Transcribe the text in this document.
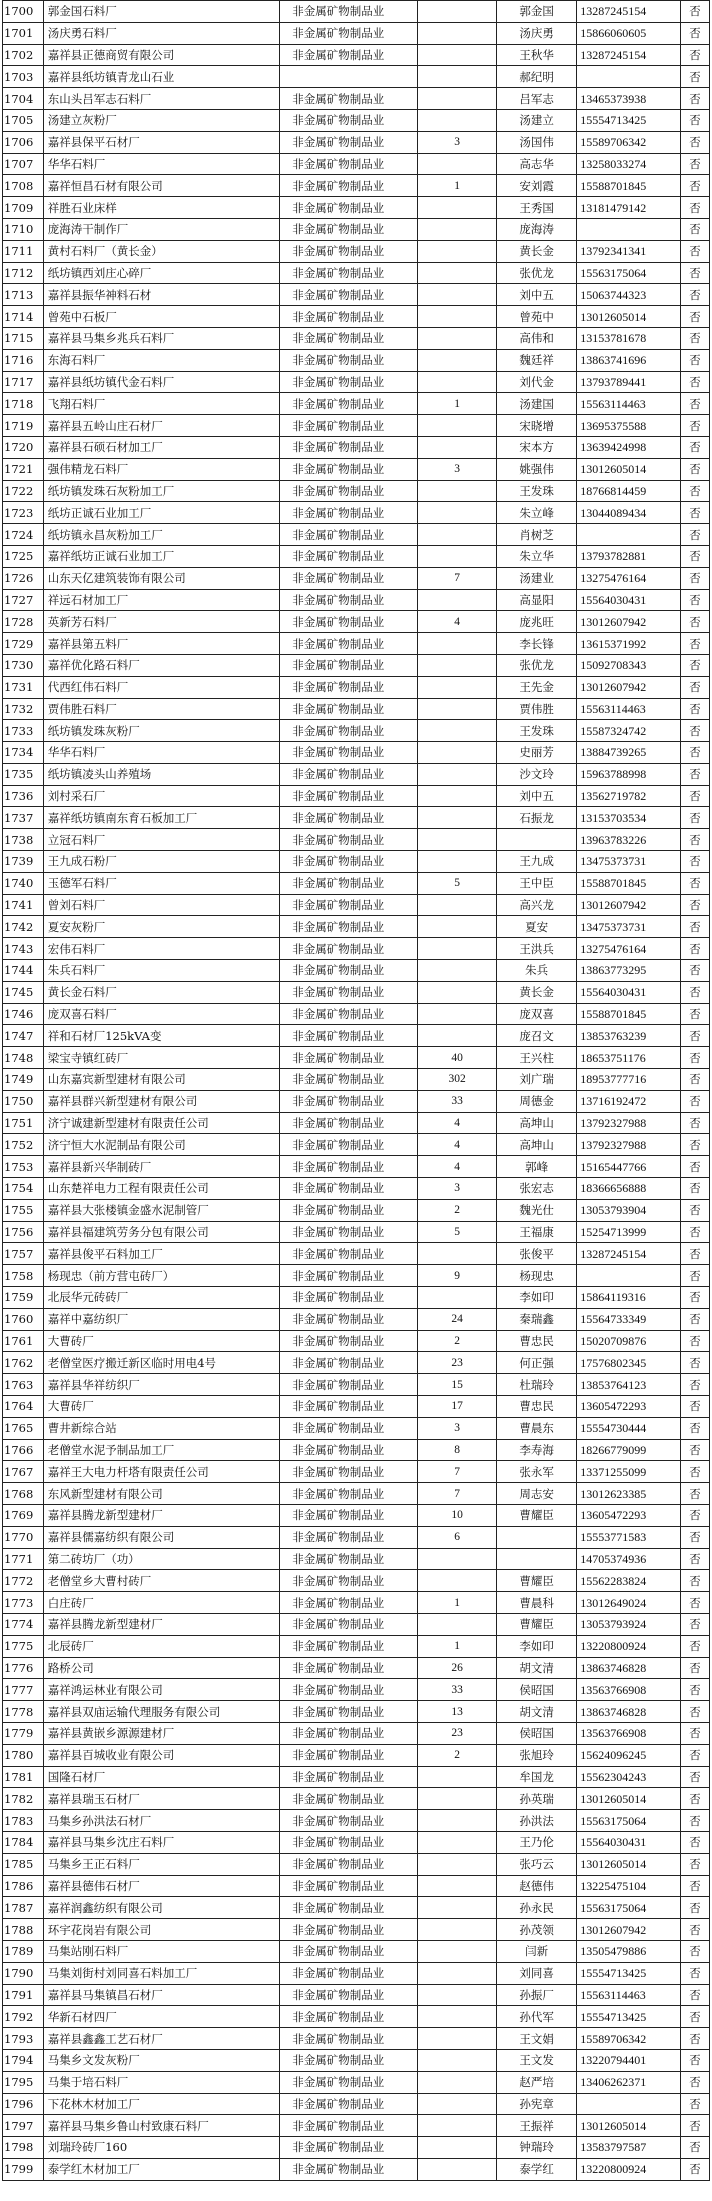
1700	郭金国石料厂	非金属矿物制品业		郭金国	13287245154	否
1701	汤庆勇石料厂	非金属矿物制品业		汤庆勇	15866060605	否
1702	嘉祥县正德商贸有限公司	非金属矿物制品业		王秋华	13287245154	否
1703	嘉祥县纸坊镇青龙山石业			郝纪明		否
1704	东山头吕军志石料厂	非金属矿物制品业		吕军志	13465373938	否
1705	汤建立灰粉厂	非金属矿物制品业		汤建立	15554713425	否
1706	嘉祥县保平石材厂	非金属矿物制品业	3	汤国伟	15589706342	否
1707	华华石料厂	非金属矿物制品业		高志华	13258033274	否
1708	嘉祥恒昌石材有限公司	非金属矿物制品业	1	安刘霞	15588701845	否
1709	祥胜石业床样	非金属矿物制品业		王秀国	13181479142	否
1710	庞海涛干制作厂	非金属矿物制品业		庞海涛		否
1711	黄村石料厂（黄长金）	非金属矿物制品业		黄长金	13792341341	否
1712	纸坊镇西刘庄心碎厂	非金属矿物制品业		张优龙	15563175064	否
1713	嘉祥县振华神料石材	非金属矿物制品业		刘中五	15063744323	否
1714	曾苑中石板厂	非金属矿物制品业		曾苑中	13012605014	否
1715	嘉祥县马集乡兆兵石料厂	非金属矿物制品业		高伟和	13153781678	否
1716	东海石料厂	非金属矿物制品业		魏廷祥	13863741696	否
1717	嘉祥县纸坊镇代金石料厂	非金属矿物制品业		刘代金	13793789441	否
1718	飞翔石料厂	非金属矿物制品业	1	汤建国	15563114463	否
1719	嘉祥县五岭山庄石材厂	非金属矿物制品业		宋晓增	13695375588	否
1720	嘉祥县石硕石材加工厂	非金属矿物制品业		宋本方	13639424998	否
1721	强伟精龙石料厂	非金属矿物制品业	3	姚强伟	13012605014	否
1722	纸坊镇发珠石灰粉加工厂	非金属矿物制品业		王发珠	18766814459	否
1723	纸坊正诚石业加工厂	非金属矿物制品业		朱立峰	13044089434	否
1724	纸坊镇永昌灰粉加工厂	非金属矿物制品业		肖树芝		否
1725	嘉祥纸坊正诚石业加工厂	非金属矿物制品业		朱立华	13793782881	否
1726	山东天亿建筑装饰有限公司	非金属矿物制品业	7	汤建业	13275476164	否
1727	祥远石材加工厂	非金属矿物制品业		高显阳	15564030431	否
1728	英新芳石料厂	非金属矿物制品业	4	庞兆旺	13012607942	否
1729	嘉祥县第五料厂	非金属矿物制品业		李长锋	13615371992	否
1730	嘉祥优化路石料厂	非金属矿物制品业		张优龙	15092708343	否
1731	代西红伟石料厂	非金属矿物制品业		王先金	13012607942	否
1732	贾伟胜石料厂	非金属矿物制品业		贾伟胜	15563114463	否
1733	纸坊镇发珠灰粉厂	非金属矿物制品业		王发珠	15587324742	否
1734	华华石料厂	非金属矿物制品业		史丽芳	13884739265	否
1735	纸坊镇凌头山养殖场	非金属矿物制品业		沙文玲	15963788998	否
1736	刘村采石厂	非金属矿物制品业		刘中五	13562719782	否
1737	嘉祥纸坊镇南东育石板加工厂	非金属矿物制品业		石振龙	13153703534	否
1738	立冠石料厂	非金属矿物制品业			13963783226	否
1739	王九成石粉厂	非金属矿物制品业		王九成	13475373731	否
1740	玉德军石料厂	非金属矿物制品业	5	王中臣	15588701845	否
1741	曾刘石料厂	非金属矿物制品业		高兴龙	13012607942	否
1742	夏安灰粉厂	非金属矿物制品业		夏安	13475373731	否
1743	宏伟石料厂	非金属矿物制品业		王洪兵	13275476164	否
1744	朱兵石料厂	非金属矿物制品业		朱兵	13863773295	否
1745	黄长金石料厂	非金属矿物制品业		黄长金	15564030431	否
1746	庞双喜石料厂	非金属矿物制品业		庞双喜	15588701845	否
1747	祥和石材厂125kVA变	非金属矿物制品业		庞召文	13853763239	否
1748	梁宝寺镇红砖厂	非金属矿物制品业	40	王兴柱	18653751176	否
1749	山东嘉宾新型建材有限公司	非金属矿物制品业	302	刘广瑞	18953777716	否
1750	嘉祥县群兴新型建材有限公司	非金属矿物制品业	33	周德金	13716192472	否
1751	济宁诚建新型建材有限责任公司	非金属矿物制品业	4	高坤山	13792327988	否
1752	济宁恒大水泥制品有限公司	非金属矿物制品业	4	高坤山	13792327988	否
1753	嘉祥县新兴华制砖厂	非金属矿物制品业	4	郭峰	15165447766	否
1754	山东楚祥电力工程有限责任公司	非金属矿物制品业	3	张宏志	18366656888	否
1755	嘉祥县大张楼镇金盛水泥制管厂	非金属矿物制品业	2	魏光仕	13053793904	否
1756	嘉祥县福建筑劳务分包有限公司	非金属矿物制品业	5	王福康	15254713999	否
1757	嘉祥县俊平石料加工厂	非金属矿物制品业		张俊平	13287245154	否
1758	杨现忠（前方营屯砖厂）	非金属矿物制品业	9	杨现忠		否
1759	北辰华元砖砖厂	非金属矿物制品业		李如印	15864119316	否
1760	嘉祥中嘉纺织厂	非金属矿物制品业	24	秦瑞鑫	15564733349	否
1761	大曹砖厂	非金属矿物制品业	2	曹忠民	15020709876	否
1762	老僧堂医疗搬迁新区临时用电4号	非金属矿物制品业	23	何正强	17576802345	否
1763	嘉祥县华祥纺织厂	非金属矿物制品业	15	杜瑞玲	13853764123	否
1764	大曹砖厂	非金属矿物制品业	17	曹忠民	13605472293	否
1765	曹井新综合站	非金属矿物制品业	3	曹晨东	15554730444	否
1766	老僧堂水泥予制品加工厂	非金属矿物制品业	8	李寿海	18266779099	否
1767	嘉祥王大电力杆塔有限责任公司	非金属矿物制品业	7	张永军	13371255099	否
1768	东风新型建材有限公司	非金属矿物制品业	7	周志安	13012623385	否
1769	嘉祥县腾龙新型建材厂	非金属矿物制品业	10	曹耀臣	13605472293	否
1770	嘉祥县儒嘉纺织有限公司	非金属矿物制品业	6		15553771583	否
1771	第二砖坊厂（功）	非金属矿物制品业			14705374936	否
1772	老僧堂乡大曹村砖厂	非金属矿物制品业		曹耀臣	15562283824	否
1773	白庄砖厂	非金属矿物制品业	1	曹晨科	13012649024	否
1774	嘉祥县腾龙新型建材厂	非金属矿物制品业		曹耀臣	13053793924	否
1775	北辰砖厂	非金属矿物制品业	1	李如印	13220800924	否
1776	路桥公司	非金属矿物制品业	26	胡文清	13863746828	否
1777	嘉祥鸿运林业有限公司	非金属矿物制品业	33	侯昭国	13563766908	否
1778	嘉祥县双庙运输代理服务有限公司	非金属矿物制品业	13	胡文清	13863746828	否
1779	嘉祥县黄嵌乡源源建材厂	非金属矿物制品业	23	侯昭国	13563766908	否
1780	嘉祥县百城收业有限公司	非金属矿物制品业	2	张旭玲	15624096245	否
1781	国隆石材厂	非金属矿物制品业		牟国龙	15562304243	否
1782	嘉祥县瑞玉石材厂	非金属矿物制品业		孙英瑞	13012605014	否
1783	马集乡孙洪法石材厂	非金属矿物制品业		孙洪法	15563175064	否
1784	嘉祥县马集乡沈庄石料厂	非金属矿物制品业		王乃伦	15564030431	否
1785	马集乡王正石料厂	非金属矿物制品业		张巧云	13012605014	否
1786	嘉祥县德伟石材厂	非金属矿物制品业		赵德伟	13225475104	否
1787	嘉祥润鑫纺织有限公司	非金属矿物制品业		孙永民	15563175064	否
1788	环宇花岗岩有限公司	非金属矿物制品业		孙茂领	13012607942	否
1789	马集站刚石料厂	非金属矿物制品业		闫新	13505479886	否
1790	马集刘街村刘同喜石料加工厂	非金属矿物制品业		刘同喜	15554713425	否
1791	嘉祥县马集镇昌石材厂	非金属矿物制品业		孙振厂	15563114463	否
1792	华新石材四厂	非金属矿物制品业		孙代军	15554713425	否
1793	嘉祥县鑫鑫工艺石材厂	非金属矿物制品业		王文娟	15589706342	否
1794	马集乡文发灰粉厂	非金属矿物制品业		王文发	13220794401	否
1795	马集于培石料厂	非金属矿物制品业		赵严培	13406262371	否
1796	下花林木材加工厂	非金属矿物制品业		孙宪章		否
1797	嘉祥县马集乡鲁山村致康石料厂	非金属矿物制品业		王振祥	13012605014	否
1798	刘瑞玲砖厂160	非金属矿物制品业		钟瑞玲	13583797587	否
1799	泰学红木材加工厂	非金属矿物制品业		泰学红	13220800924	否
